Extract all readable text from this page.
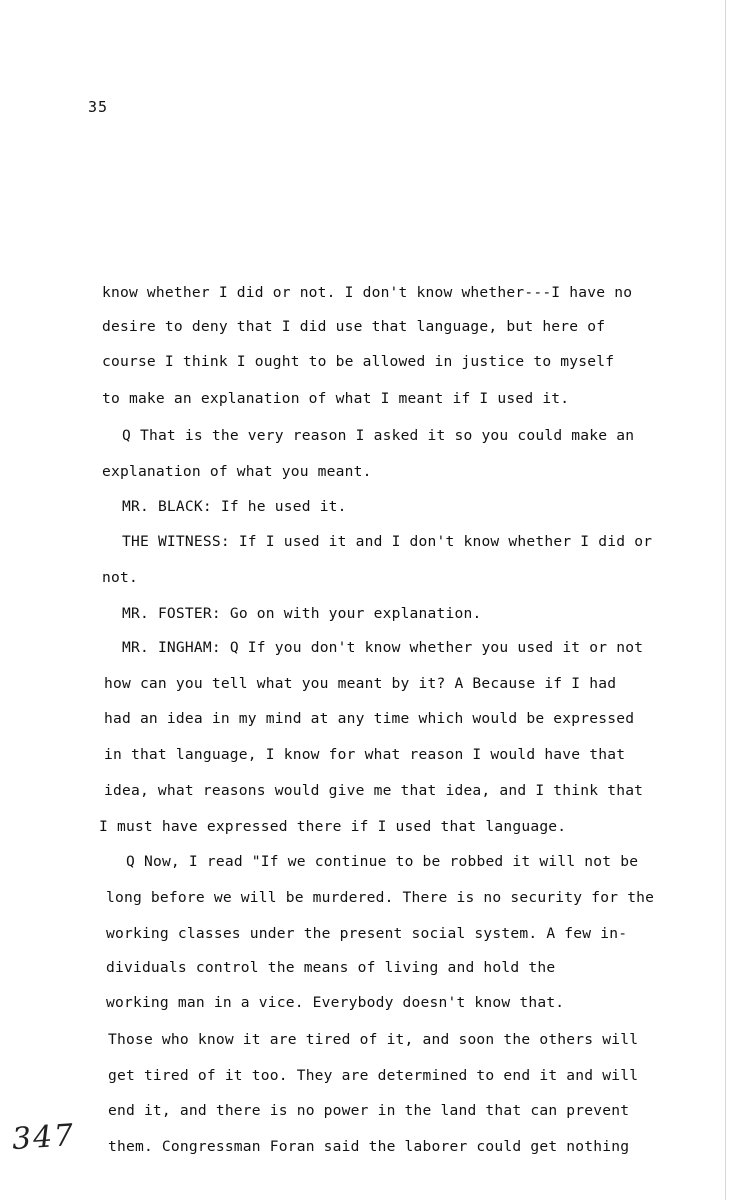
35
know whether I did or not. I don't know whether---I have no
desire to deny that I did use that language, but here of
course I think I ought to be allowed in justice to myself
to make an explanation of what I meant if I used it.
Q That is the very reason I asked it so you could make an
explanation of what you meant.
MR. BLACK: If he used it.
THE WITNESS: If I used it and I don't know whether I did or
not.
MR. FOSTER: Go on with your explanation.
MR. INGHAM: Q If you don't know whether you used it or not
how can you tell what you meant by it? A Because if I had
had an idea in my mind at any time which would be expressed
in that language, I know for what reason I would have that
idea, what reasons would give me that idea, and I think that
I must have expressed there if I used that language.
Q Now, I read "If we continue to be robbed it will not be
long before we will be murdered. There is no security for the
working classes under the present social system. A few in-
dividuals control the means of living and hold the
working man in a vice. Everybody doesn't know that.
Those who know it are tired of it, and soon the others will
get tired of it too. They are determined to end it and will
end it, and there is no power in the land that can prevent
them. Congressman Foran said the laborer could get nothing
347
